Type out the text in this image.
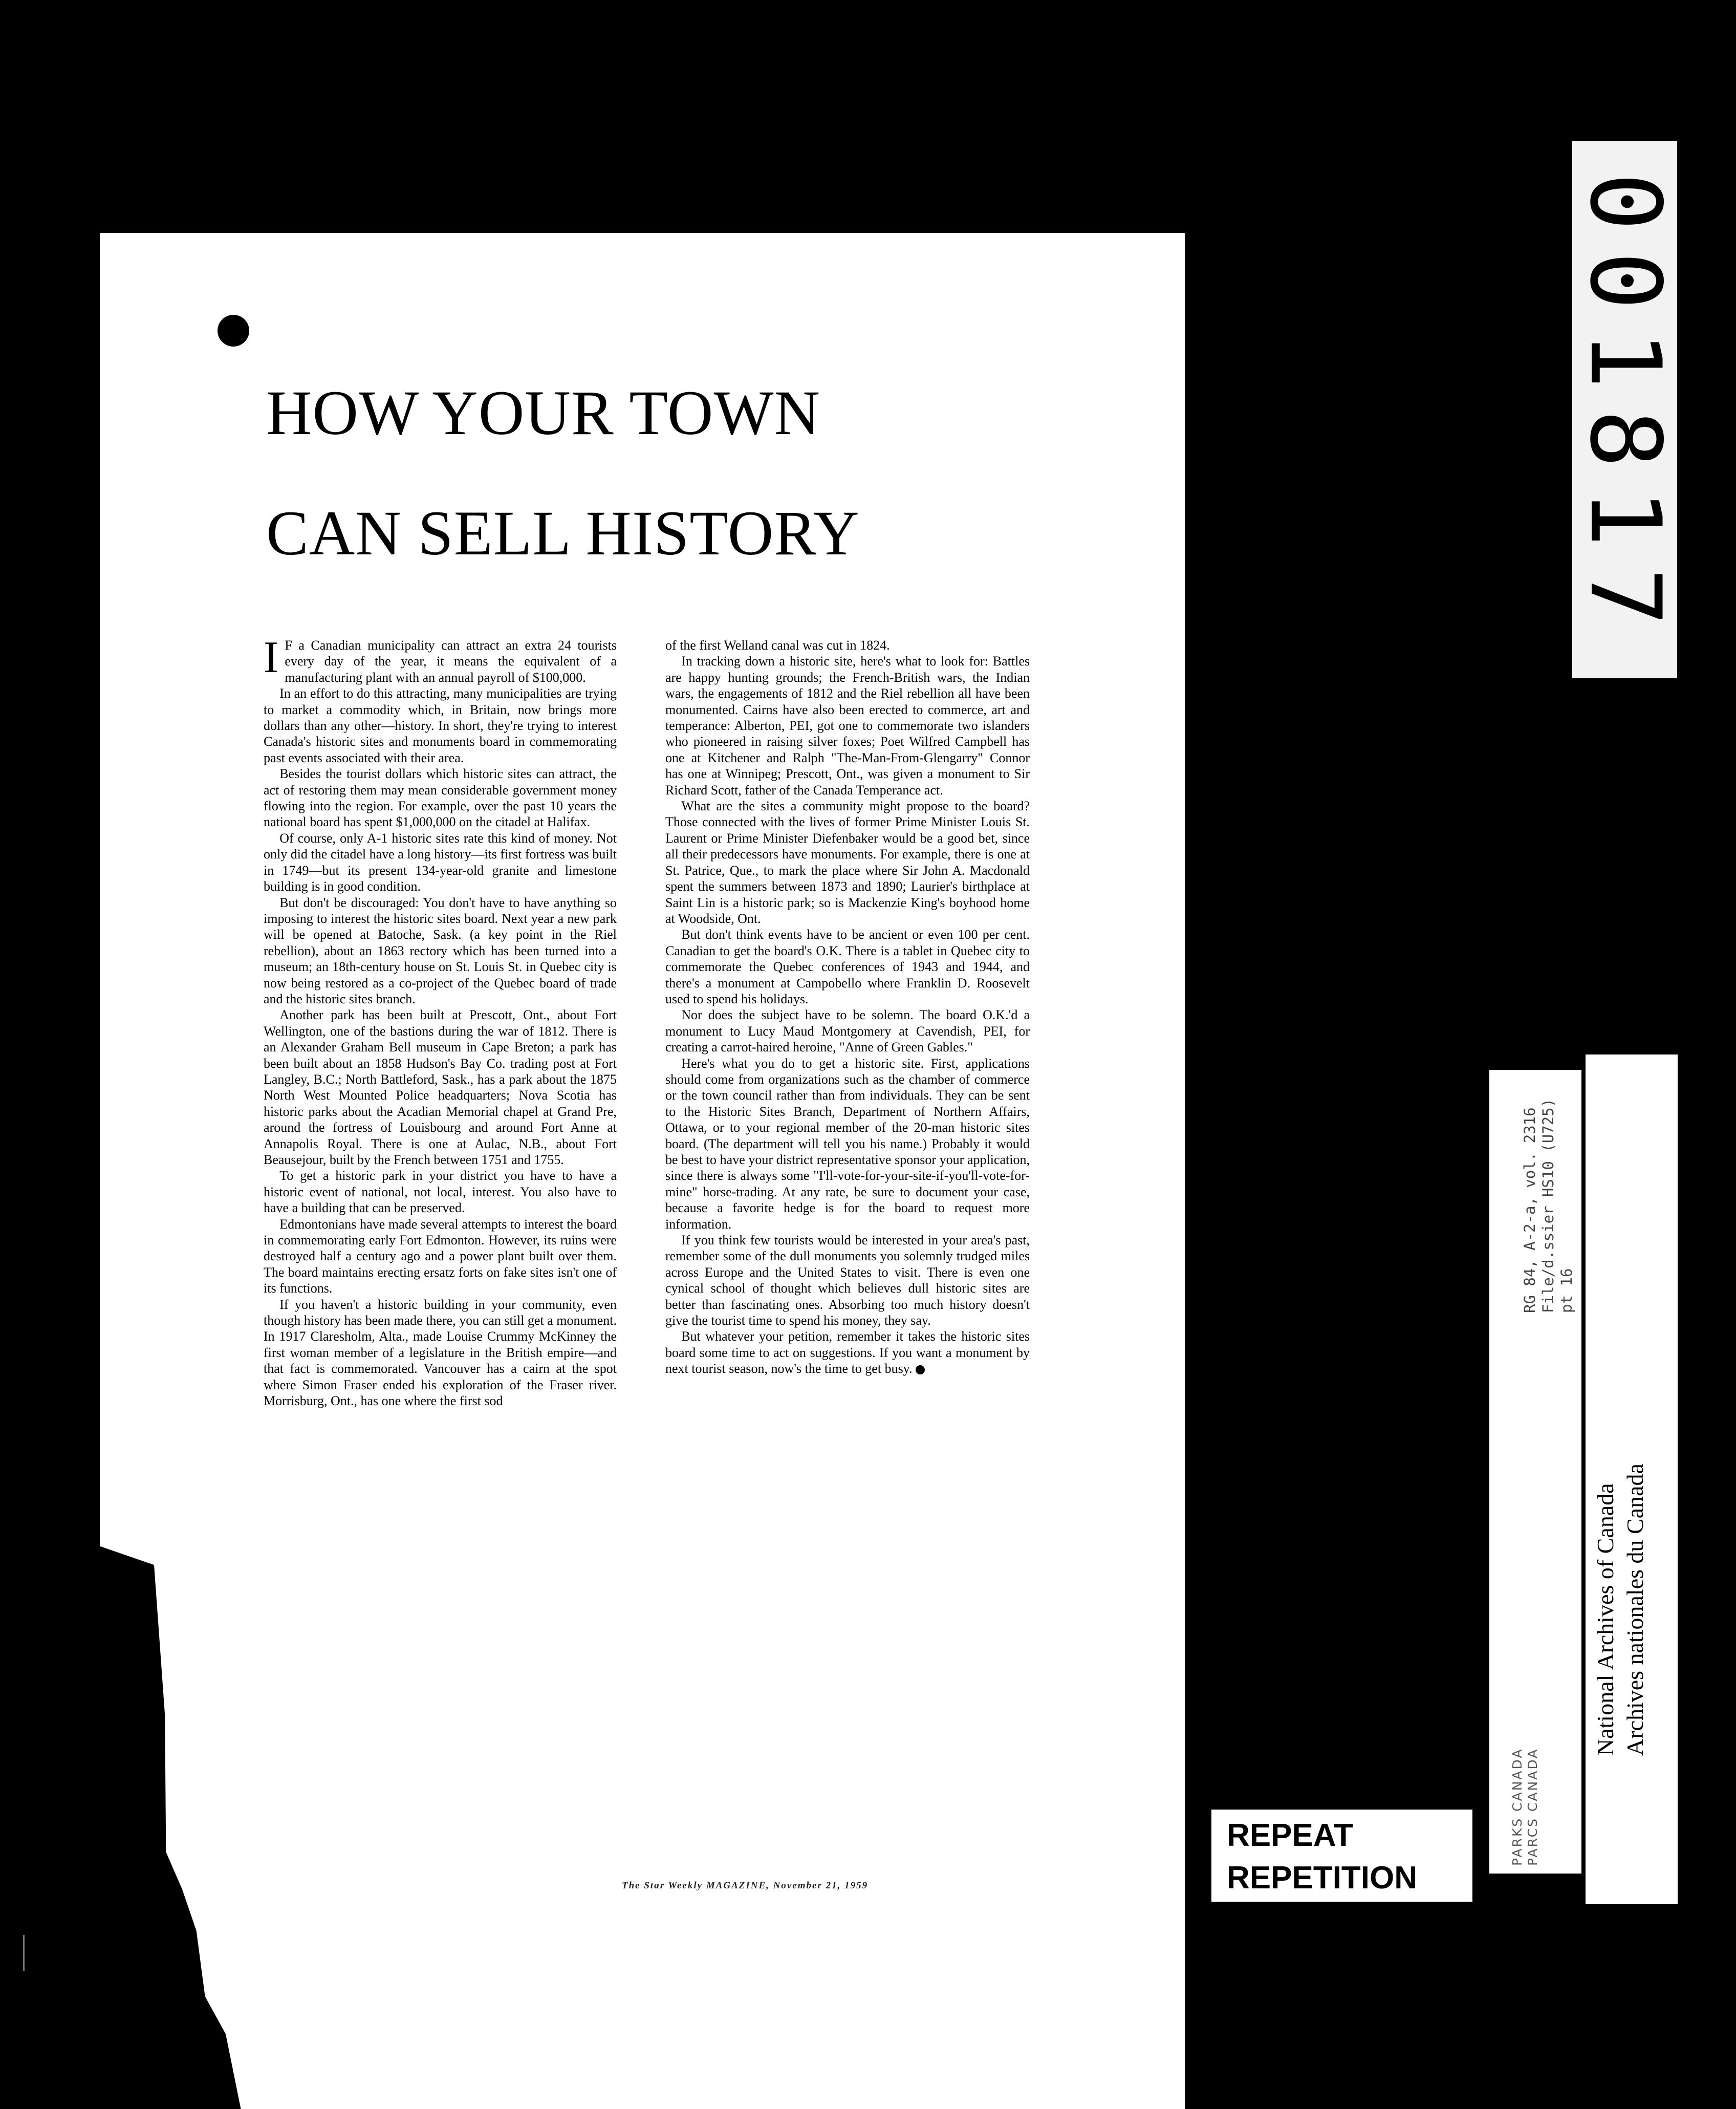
HOW YOUR TOWN
CAN SELL HISTORY

I F a Canadian municipality can attract an extra 24 tourists every day of the year, it means the equivalent of a manufacturing plant with an annual payroll of $100,000.

In an effort to do this attracting, many municipalities are trying to market a commodity which, in Britain, now brings more dollars than any other—history. In short, they're trying to interest Canada's historic sites and monuments board in commemorating past events associated with their area.

Besides the tourist dollars which historic sites can attract, the act of restoring them may mean considerable government money flowing into the region. For example, over the past 10 years the national board has spent $1,000,000 on the citadel at Halifax.

Of course, only A-1 historic sites rate this kind of money. Not only did the citadel have a long history—its first fortress was built in 1749—but its present 134-year-old granite and limestone building is in good condition.

But don't be discouraged: You don't have to have anything so imposing to interest the historic sites board. Next year a new park will be opened at Batoche, Sask. (a key point in the Riel rebellion), about an 1863 rectory which has been turned into a museum; an 18th-century house on St. Louis St. in Quebec city is now being restored as a co-project of the Quebec board of trade and the historic sites branch.

Another park has been built at Prescott, Ont., about Fort Wellington, one of the bastions during the war of 1812. There is an Alexander Graham Bell museum in Cape Breton; a park has been built about an 1858 Hudson's Bay Co. trading post at Fort Langley, B.C.; North Battleford, Sask., has a park about the 1875 North West Mounted Police headquarters; Nova Scotia has historic parks about the Acadian Memorial chapel at Grand Pre, around the fortress of Louisbourg and around Fort Anne at Annapolis Royal. There is one at Aulac, N.B., about Fort Beausejour, built by the French between 1751 and 1755.

To get a historic park in your district you have to have a historic event of national, not local, interest. You also have to have a building that can be preserved.

Edmontonians have made several attempts to interest the board in commemorating early Fort Edmonton. However, its ruins were destroyed half a century ago and a power plant built over them. The board maintains erecting ersatz forts on fake sites isn't one of its functions.

If you haven't a historic building in your community, even though history has been made there, you can still get a monument. In 1917 Claresholm, Alta., made Louise Crummy McKinney the first woman member of a legislature in the British empire—and that fact is commemorated. Vancouver has a cairn at the spot where Simon Fraser ended his exploration of the Fraser river. Morrisburg, Ont., has one where the first sod

of the first Welland canal was cut in 1824.

In tracking down a historic site, here's what to look for: Battles are happy hunting grounds; the French-British wars, the Indian wars, the engagements of 1812 and the Riel rebellion all have been monumented. Cairns have also been erected to commerce, art and temperance: Alberton, PEI, got one to commemorate two islanders who pioneered in raising silver foxes; Poet Wilfred Campbell has one at Kitchener and Ralph "The-Man-From-Glengarry" Connor has one at Winnipeg; Prescott, Ont., was given a monument to Sir Richard Scott, father of the Canada Temperance act.

What are the sites a community might propose to the board? Those connected with the lives of former Prime Minister Louis St. Laurent or Prime Minister Diefenbaker would be a good bet, since all their predecessors have monuments. For example, there is one at St. Patrice, Que., to mark the place where Sir John A. Macdonald spent the summers between 1873 and 1890; Laurier's birthplace at Saint Lin is a historic park; so is Mackenzie King's boyhood home at Woodside, Ont.

But don't think events have to be ancient or even 100 per cent. Canadian to get the board's O.K. There is a tablet in Quebec city to commemorate the Quebec conferences of 1943 and 1944, and there's a monument at Campobello where Franklin D. Roosevelt used to spend his holidays.

Nor does the subject have to be solemn. The board O.K.'d a monument to Lucy Maud Montgomery at Cavendish, PEI, for creating a carrot-haired heroine, "Anne of Green Gables."

Here's what you do to get a historic site. First, applications should come from organizations such as the chamber of commerce or the town council rather than from individuals. They can be sent to the Historic Sites Branch, Department of Northern Affairs, Ottawa, or to your regional member of the 20-man historic sites board. (The department will tell you his name.) Probably it would be best to have your district representative sponsor your application, since there is always some "I'll-vote-for-your-site-if-you'll-vote-for-mine" horse-trading. At any rate, be sure to document your case, because a favorite hedge is for the board to request more information.

If you think few tourists would be interested in your area's past, remember some of the dull monuments you solemnly trudged miles across Europe and the United States to visit. There is even one cynical school of thought which believes dull historic sites are better than fascinating ones. Absorbing too much history doesn't give the tourist time to spend his money, they say.

But whatever your petition, remember it takes the historic sites board some time to act on suggestions. If you want a monument by next tourist season, now's the time to get busy.

The Star Weekly MAGAZINE, November 21, 1959
001817
RG 84, A-2-a, vol. 2316 File/d.ssier HS10 (U725) pt 16
PARKS CANADA PARCS CANADA
National Archives of Canada Archives nationales du Canada
REPEAT
REPETITION
